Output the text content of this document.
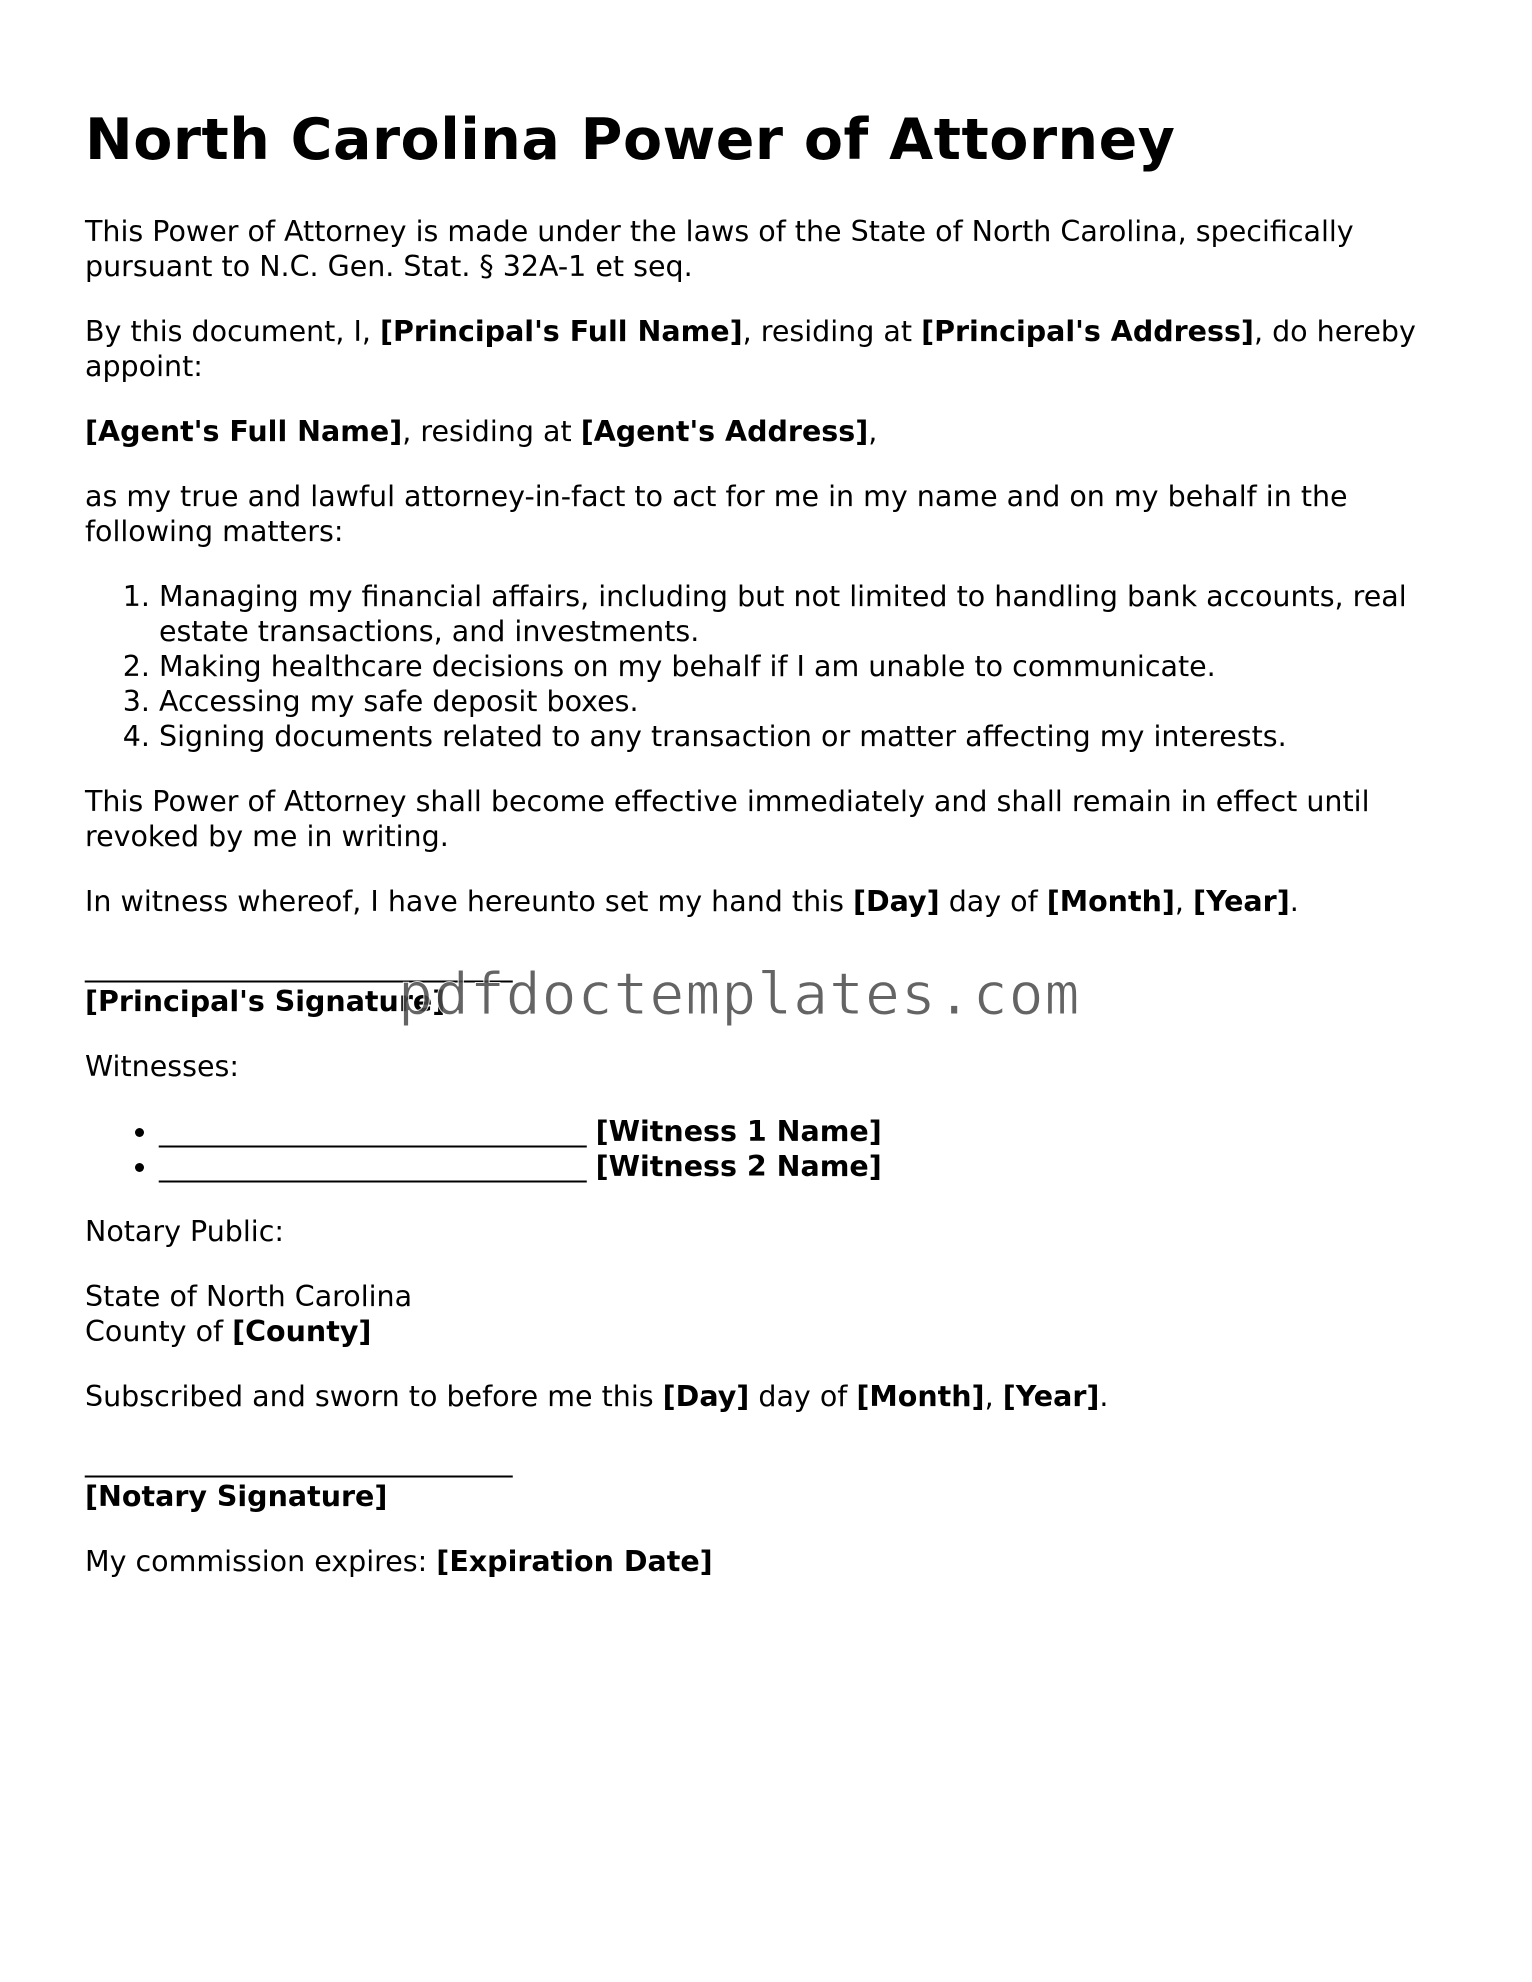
North Carolina Power of Attorney

This Power of Attorney is made under the laws of the State of North Carolina, specifically pursuant to N.C. Gen. Stat. § 32A-1 et seq.

By this document, I, [Principal's Full Name], residing at [Principal's Address], do hereby appoint:

[Agent's Full Name], residing at [Agent's Address],

as my true and lawful attorney-in-fact to act for me in my name and on my behalf in the following matters:

1. Managing my financial affairs, including but not limited to handling bank accounts, real estate transactions, and investments.
2. Making healthcare decisions on my behalf if I am unable to communicate.
3. Accessing my safe deposit boxes.
4. Signing documents related to any transaction or matter affecting my interests.

This Power of Attorney shall become effective immediately and shall remain in effect until revoked by me in writing.

In witness whereof, I have hereunto set my hand this [Day] day of [Month], [Year].

______________________________
[Principal's Signature]

Witnesses:

• ______________________________ [Witness 1 Name]
• ______________________________ [Witness 2 Name]

Notary Public:

State of North Carolina
County of [County]

Subscribed and sworn to before me this [Day] day of [Month], [Year].

______________________________
[Notary Signature]

My commission expires: [Expiration Date]

pdfdoctemplates.com
